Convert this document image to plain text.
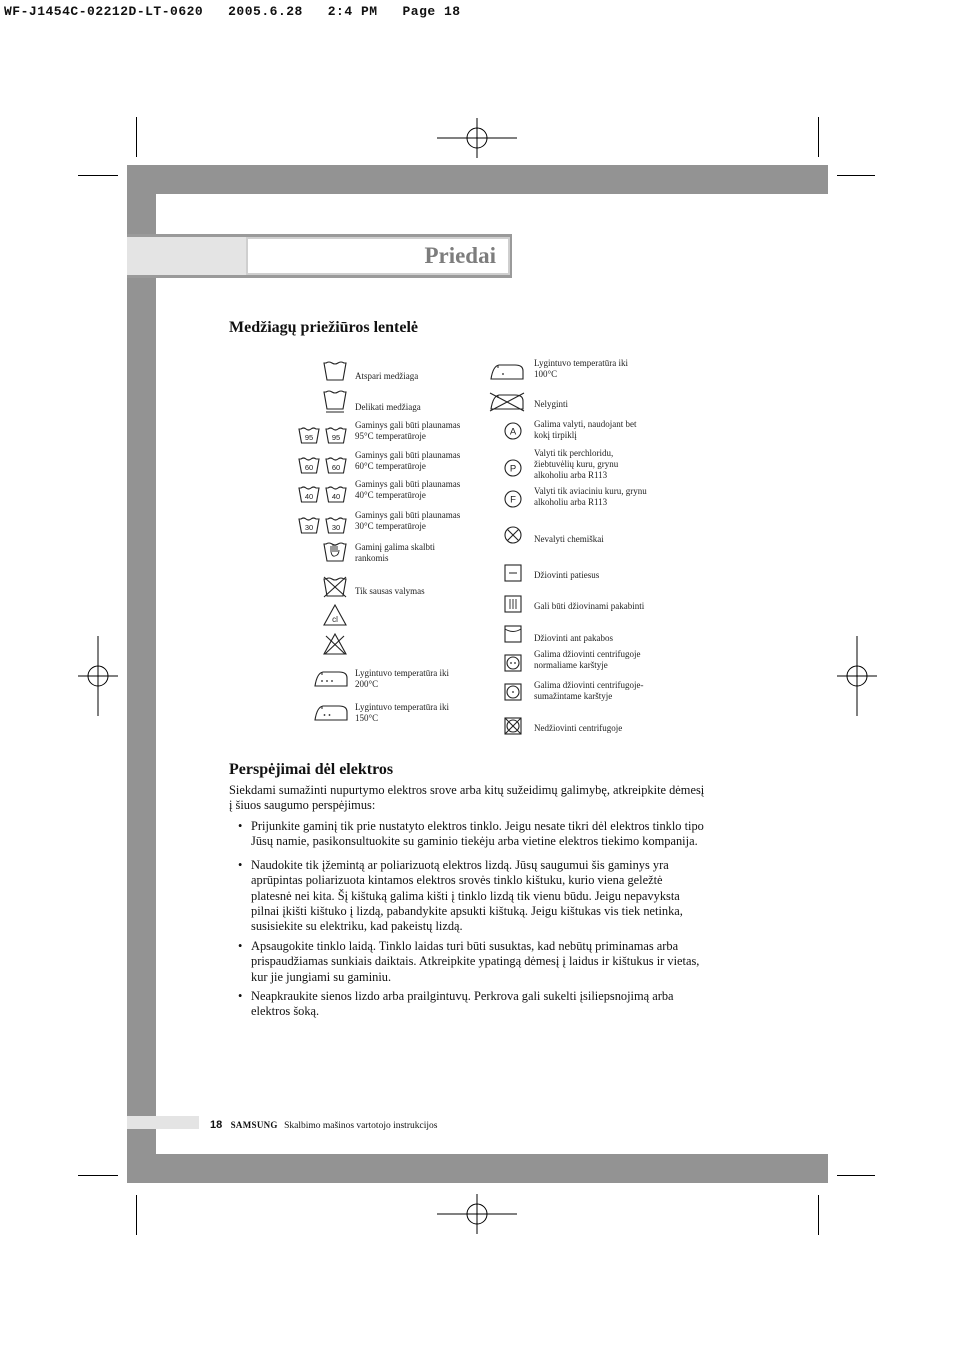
WF-J1454C-02212D-LT-0620   2005.6.28   2:4 PM   Page 18
Priedai
Medžiagų priežiūros lentelė
Atspari medžiaga
Delikati medžiaga
95 95
Gaminys gali būti plaunamas
95°C temperatūroje
60 60
Gaminys gali būti plaunamas
60°C temperatūroje
40 40
Gaminys gali būti plaunamas
40°C temperatūroje
30 30
Gaminys gali būti plaunamas
30°C temperatūroje
Gaminį galima skalbti
rankomis
Tik sausas valymas
cl
Lygintuvo temperatūra iki
200°C
Lygintuvo temperatūra iki
150°C
Lygintuvo temperatūra iki
100°C
Nelyginti
A
Galima valyti, naudojant bet
kokį tirpiklį
P
Valyti tik perchloridu,
žiebtuvėlių kuru, grynu
alkoholiu arba R113
F
Valyti tik aviaciniu kuru, grynu
alkoholiu arba R113
Nevalyti chemiškai
Džiovinti patiesus
Gali būti džiovinami pakabinti
Džiovinti ant pakabos
Galima džiovinti centrifugoje
normaliame karštyje
Galima džiovinti centrifugoje-
sumažintame karštyje
Nedžiovinti centrifugoje
Perspėjimai dėl elektros
Siekdami sumažinti nupurtymo elektros srove arba kitų sužeidimų galimybę, atkreipkite dėmesį
į šiuos saugumo perspėjimus:
• Prijunkite gaminį tik prie nustatyto elektros tinklo. Jeigu nesate tikri dėl elektros tinklo tipo
Jūsų namie, pasikonsultuokite su gaminio tiekėju arba vietine elektros tiekimo kompanija.
• Naudokite tik įžemintą ar poliarizuotą elektros lizdą. Jūsų saugumui šis gaminys yra
aprūpintas poliarizuota kintamos elektros srovės tinklo kištuku, kurio viena geležtė
platesnė nei kita. Šį kištuką galima kišti į tinklo lizdą tik vienu būdu. Jeigu nepavyksta
pilnai įkišti kištuko į lizdą, pabandykite apsukti kištuką. Jeigu kištukas vis tiek netinka,
susisiekite su elektriku, kad pakeistų lizdą.
• Apsaugokite tinklo laidą. Tinklo laidas turi būti susuktas, kad nebūtų priminamas arba
prispaudžiamas sunkiais daiktais. Atkreipkite ypatingą dėmesį į laidus ir kištukus ir vietas,
kur jie jungiami su gaminiu.
• Neapkraukite sienos lizdo arba prailgintuvų. Perkrova gali sukelti įsiliepsnojimą arba
elektros šoką.
18 SAMSUNG Skalbimo mašinos vartotojo instrukcijos
